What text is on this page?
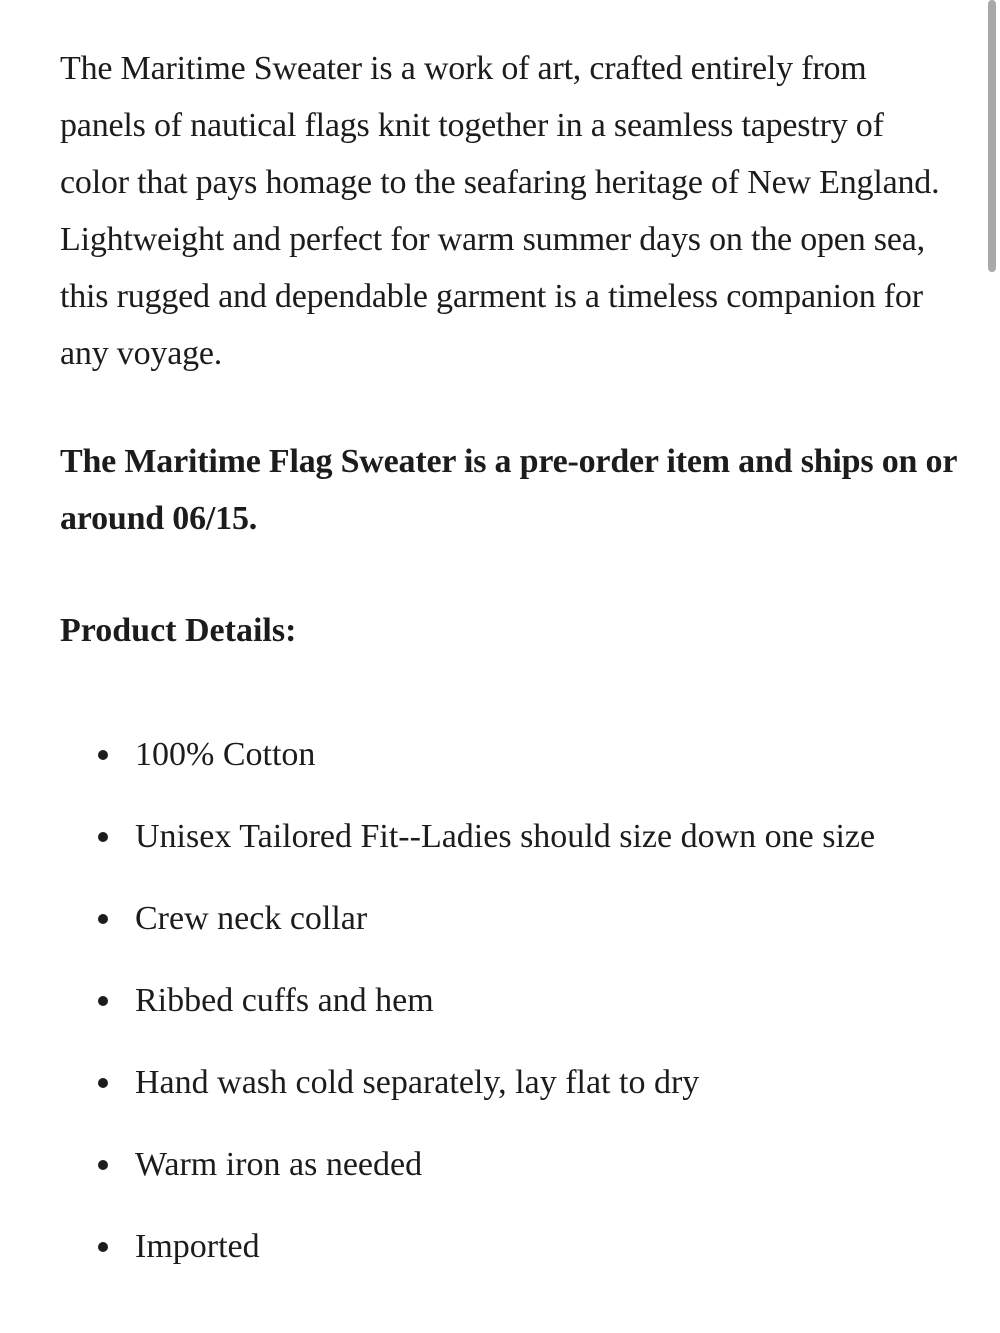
The Maritime Sweater is a work of art, crafted entirely from panels of nautical flags knit together in a seamless tapestry of color that pays homage to the seafaring heritage of New England. Lightweight and perfect for warm summer days on the open sea, this rugged and dependable garment is a timeless companion for any voyage.

The Maritime Flag Sweater is a pre-order item and ships on or around 06/15.

Product Details:
100% Cotton
Unisex Tailored Fit--Ladies should size down one size
Crew neck collar
Ribbed cuffs and hem
Hand wash cold separately, lay flat to dry
Warm iron as needed
Imported
